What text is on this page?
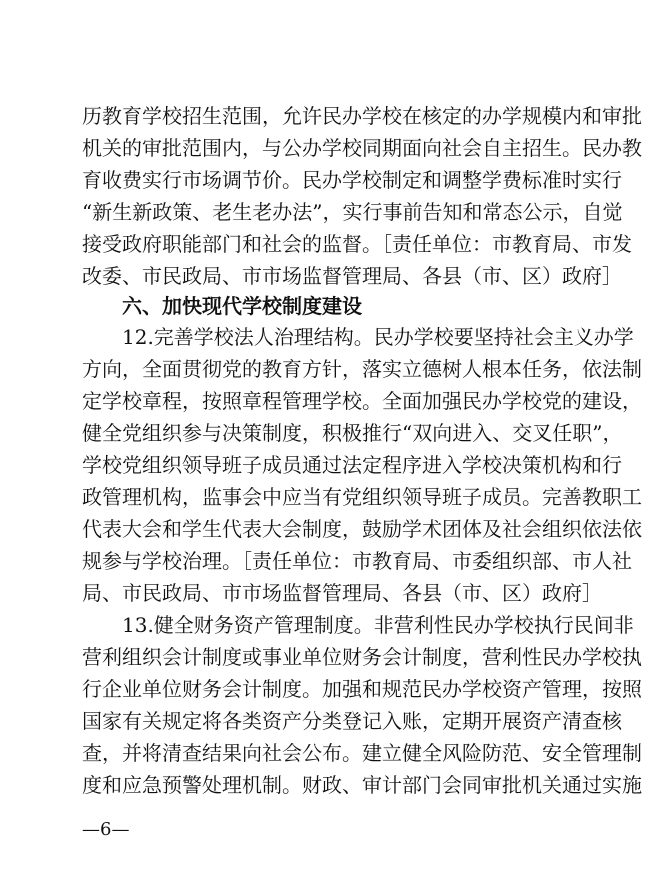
历教育学校招生范围，允许民办学校在核定的办学规模内和审批
机关的审批范围内，与公办学校同期面向社会自主招生。民办教
育收费实行市场调节价。民办学校制定和调整学费标准时实行
“新生新政策、老生老办法”，实行事前告知和常态公示，自觉
接受政府职能部门和社会的监督。［责任单位：市教育局、市发
改委、市民政局、市市场监督管理局、各县（市、区）政府］
六、加快现代学校制度建设
12.完善学校法人治理结构。民办学校要坚持社会主义办学
方向，全面贯彻党的教育方针，落实立德树人根本任务，依法制
定学校章程，按照章程管理学校。全面加强民办学校党的建设，
健全党组织参与决策制度，积极推行“双向进入、交叉任职”，
学校党组织领导班子成员通过法定程序进入学校决策机构和行
政管理机构，监事会中应当有党组织领导班子成员。完善教职工
代表大会和学生代表大会制度，鼓励学术团体及社会组织依法依
规参与学校治理。［责任单位：市教育局、市委组织部、市人社
局、市民政局、市市场监督管理局、各县（市、区）政府］
13.健全财务资产管理制度。非营利性民办学校执行民间非
营利组织会计制度或事业单位财务会计制度，营利性民办学校执
行企业单位财务会计制度。加强和规范民办学校资产管理，按照
国家有关规定将各类资产分类登记入账，定期开展资产清查核
查，并将清查结果向社会公布。建立健全风险防范、安全管理制
度和应急预警处理机制。财政、审计部门会同审批机关通过实施
—6—
